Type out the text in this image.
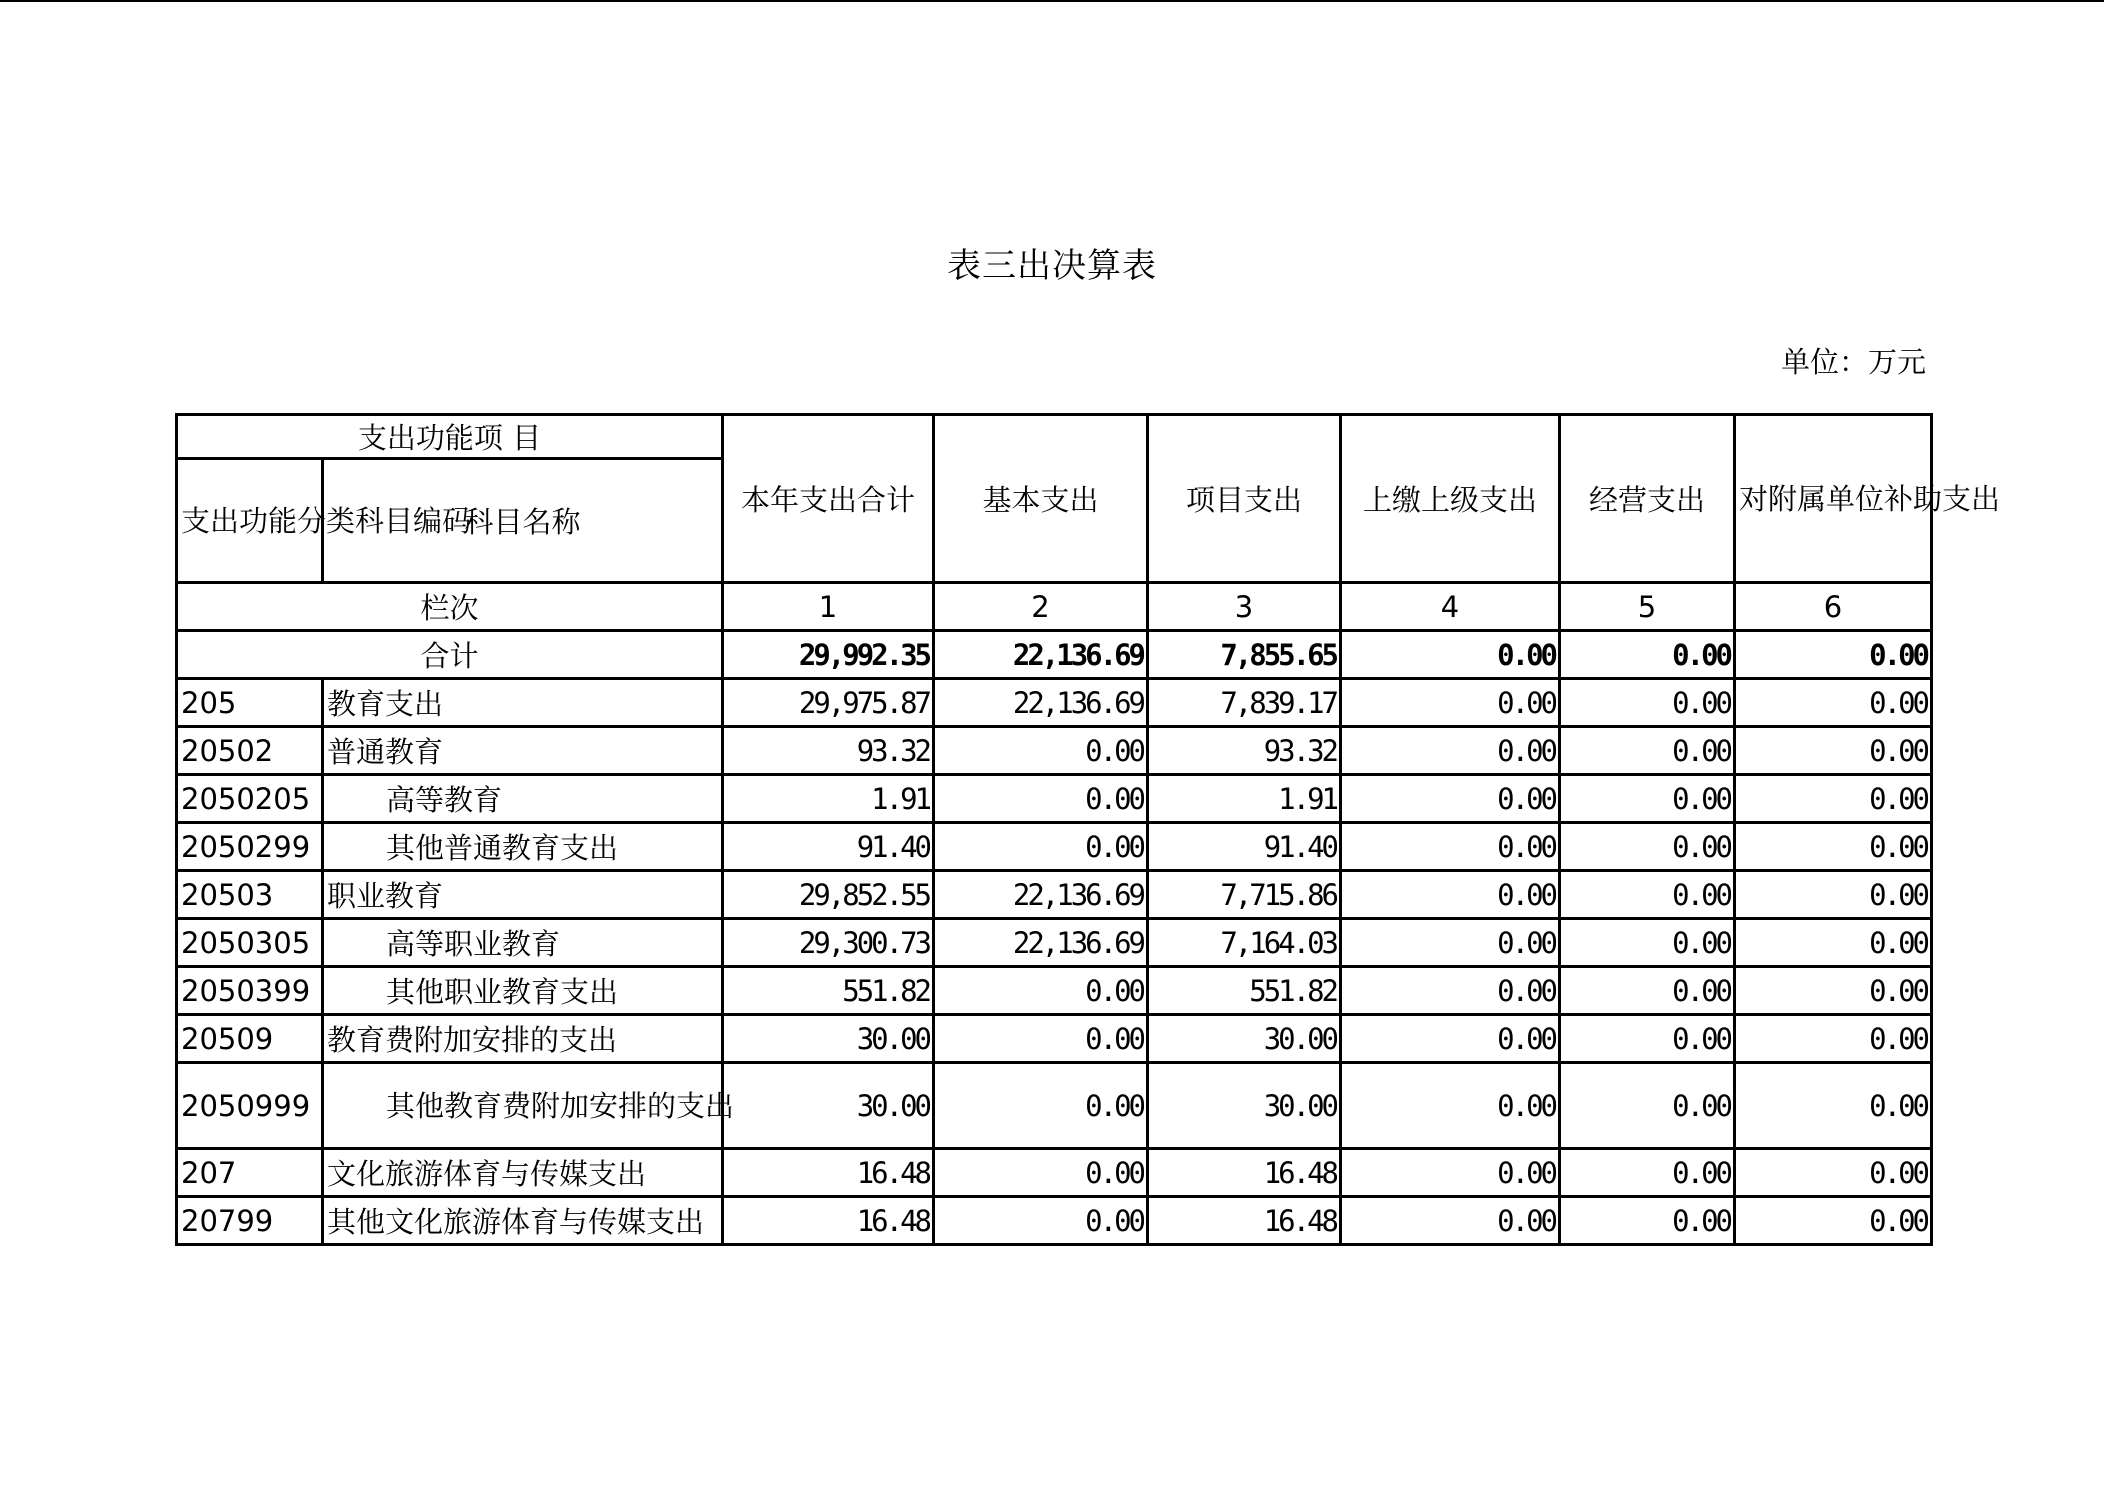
表三出决算表
单位：万元
支出功能项 目		本年支出合计	基本支出	项目支出	上缴上级支出	经营支出	对附属单位补助支出
支出功能分类科目编码	科目名称						
栏次		1	2	3	4	5	6
合计		29,992.35	22,136.69	7,855.65	0.00	0.00	0.00
205	教育支出	29,975.87	22,136.69	7,839.17	0.00	0.00	0.00
20502	普通教育	93.32	0.00	93.32	0.00	0.00	0.00
2050205	高等教育	1.91	0.00	1.91	0.00	0.00	0.00
2050299	其他普通教育支出	91.40	0.00	91.40	0.00	0.00	0.00
20503	职业教育	29,852.55	22,136.69	7,715.86	0.00	0.00	0.00
2050305	高等职业教育	29,300.73	22,136.69	7,164.03	0.00	0.00	0.00
2050399	其他职业教育支出	551.82	0.00	551.82	0.00	0.00	0.00
20509	教育费附加安排的支出	30.00	0.00	30.00	0.00	0.00	0.00
2050999	其他教育费附加安排的支出	30.00	0.00	30.00	0.00	0.00	0.00
207	文化旅游体育与传媒支出	16.48	0.00	16.48	0.00	0.00	0.00
20799	其他文化旅游体育与传媒支出	16.48	0.00	16.48	0.00	0.00	0.00
